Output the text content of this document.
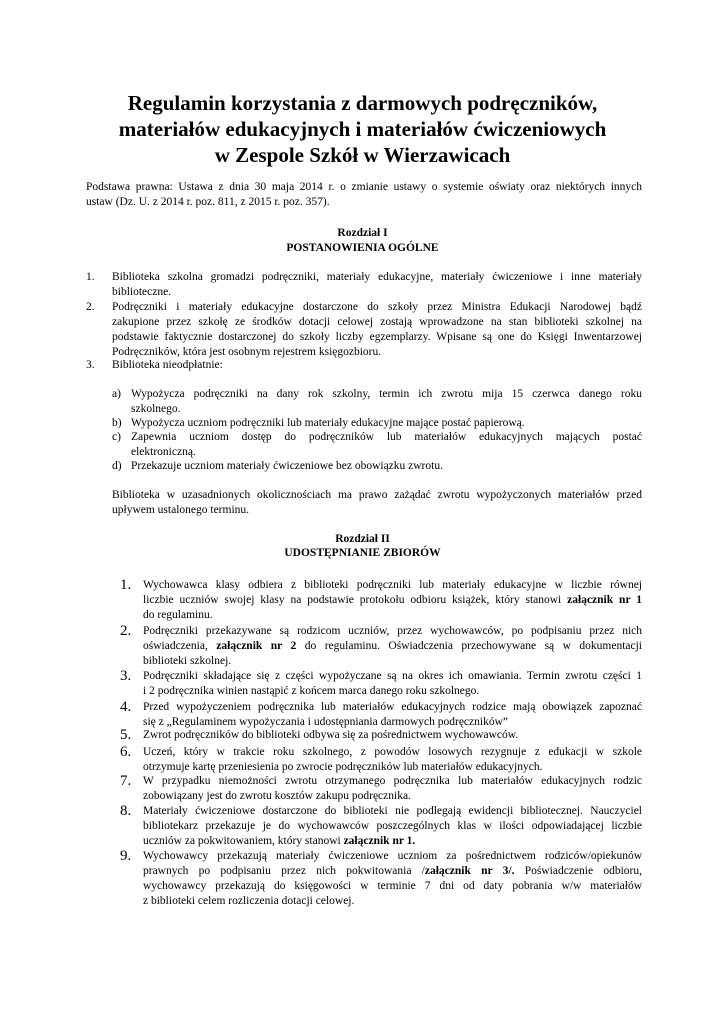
Regulamin korzystania z darmowych podręczników,
materiałów edukacyjnych i materiałów ćwiczeniowych
w Zespole Szkół w Wierzawicach
Podstawa prawna: Ustawa z dnia 30 maja 2014 r. o zmianie ustawy o systemie oświaty oraz niektórych innych
ustaw (Dz. U. z 2014 r. poz. 811, z 2015 r. poz. 357).
Rozdział I
POSTANOWIENIA OGÓLNE
1. Biblioteka szkolna gromadzi podręczniki, materiały edukacyjne, materiały ćwiczeniowe i inne materiały
biblioteczne.
2. Podręczniki i materiały edukacyjne dostarczone do szkoły przez Ministra Edukacji Narodowej bądź
zakupione przez szkołę ze środków dotacji celowej zostają wprowadzone na stan biblioteki szkolnej na
podstawie faktycznie dostarczonej do szkoły liczby egzemplarzy. Wpisane są one do Księgi Inwentarzowej
Podręczników, która jest osobnym rejestrem księgozbioru.
3. Biblioteka nieodpłatnie:
a) Wypożycza podręczniki na dany rok szkolny, termin ich zwrotu mija 15 czerwca danego roku
szkolnego.
b) Wypożycza uczniom podręczniki lub materiały edukacyjne mające postać papierową.
c) Zapewnia uczniom dostęp do podręczników lub materiałów edukacyjnych mających postać
elektroniczną.
d) Przekazuje uczniom materiały ćwiczeniowe bez obowiązku zwrotu.
Biblioteka w uzasadnionych okolicznościach ma prawo zażądać zwrotu wypożyczonych materiałów przed
upływem ustalonego terminu.
Rozdział II
UDOSTĘPNIANIE ZBIORÓW
1. Wychowawca klasy odbiera z biblioteki podręczniki lub materiały edukacyjne w liczbie równej
liczbie uczniów swojej klasy na podstawie protokołu odbioru książek, który stanowi załącznik nr 1
do regulaminu.
2. Podręczniki przekazywane są rodzicom uczniów, przez wychowawców, po podpisaniu przez nich
oświadczenia, załącznik nr 2 do regulaminu. Oświadczenia przechowywane są w dokumentacji
biblioteki szkolnej.
3. Podręczniki składające się z części wypożyczane są na okres ich omawiania. Termin zwrotu części 1
i 2 podręcznika winien nastąpić z końcem marca danego roku szkolnego.
4. Przed wypożyczeniem podręcznika lub materiałów edukacyjnych rodzice mają obowiązek zapoznać
się z „Regulaminem wypożyczania i udostępniania darmowych podręczników”
5. Zwrot podręczników do biblioteki odbywa się za pośrednictwem wychowawców.
6. Uczeń, który w trakcie roku szkolnego, z powodów losowych rezygnuje z edukacji w szkole
otrzymuje kartę przeniesienia po zwrocie podręczników lub materiałów edukacyjnych.
7. W przypadku niemożności zwrotu otrzymanego podręcznika lub materiałów edukacyjnych rodzic
zobowiązany jest do zwrotu kosztów zakupu podręcznika.
8. Materiały ćwiczeniowe dostarczone do biblioteki nie podlegają ewidencji bibliotecznej. Nauczyciel
bibliotekarz przekazuje je do wychowawców poszczególnych klas w ilości odpowiadającej liczbie
uczniów za pokwitowaniem, który stanowi załącznik nr 1.
9. Wychowawcy przekazują materiały ćwiczeniowe uczniom za pośrednictwem rodziców/opiekunów
prawnych po podpisaniu przez nich pokwitowania /załącznik nr 3/. Poświadczenie odbioru,
wychowawcy przekazują do księgowości w terminie 7 dni od daty pobrania w/w materiałów
z biblioteki celem rozliczenia dotacji celowej.
